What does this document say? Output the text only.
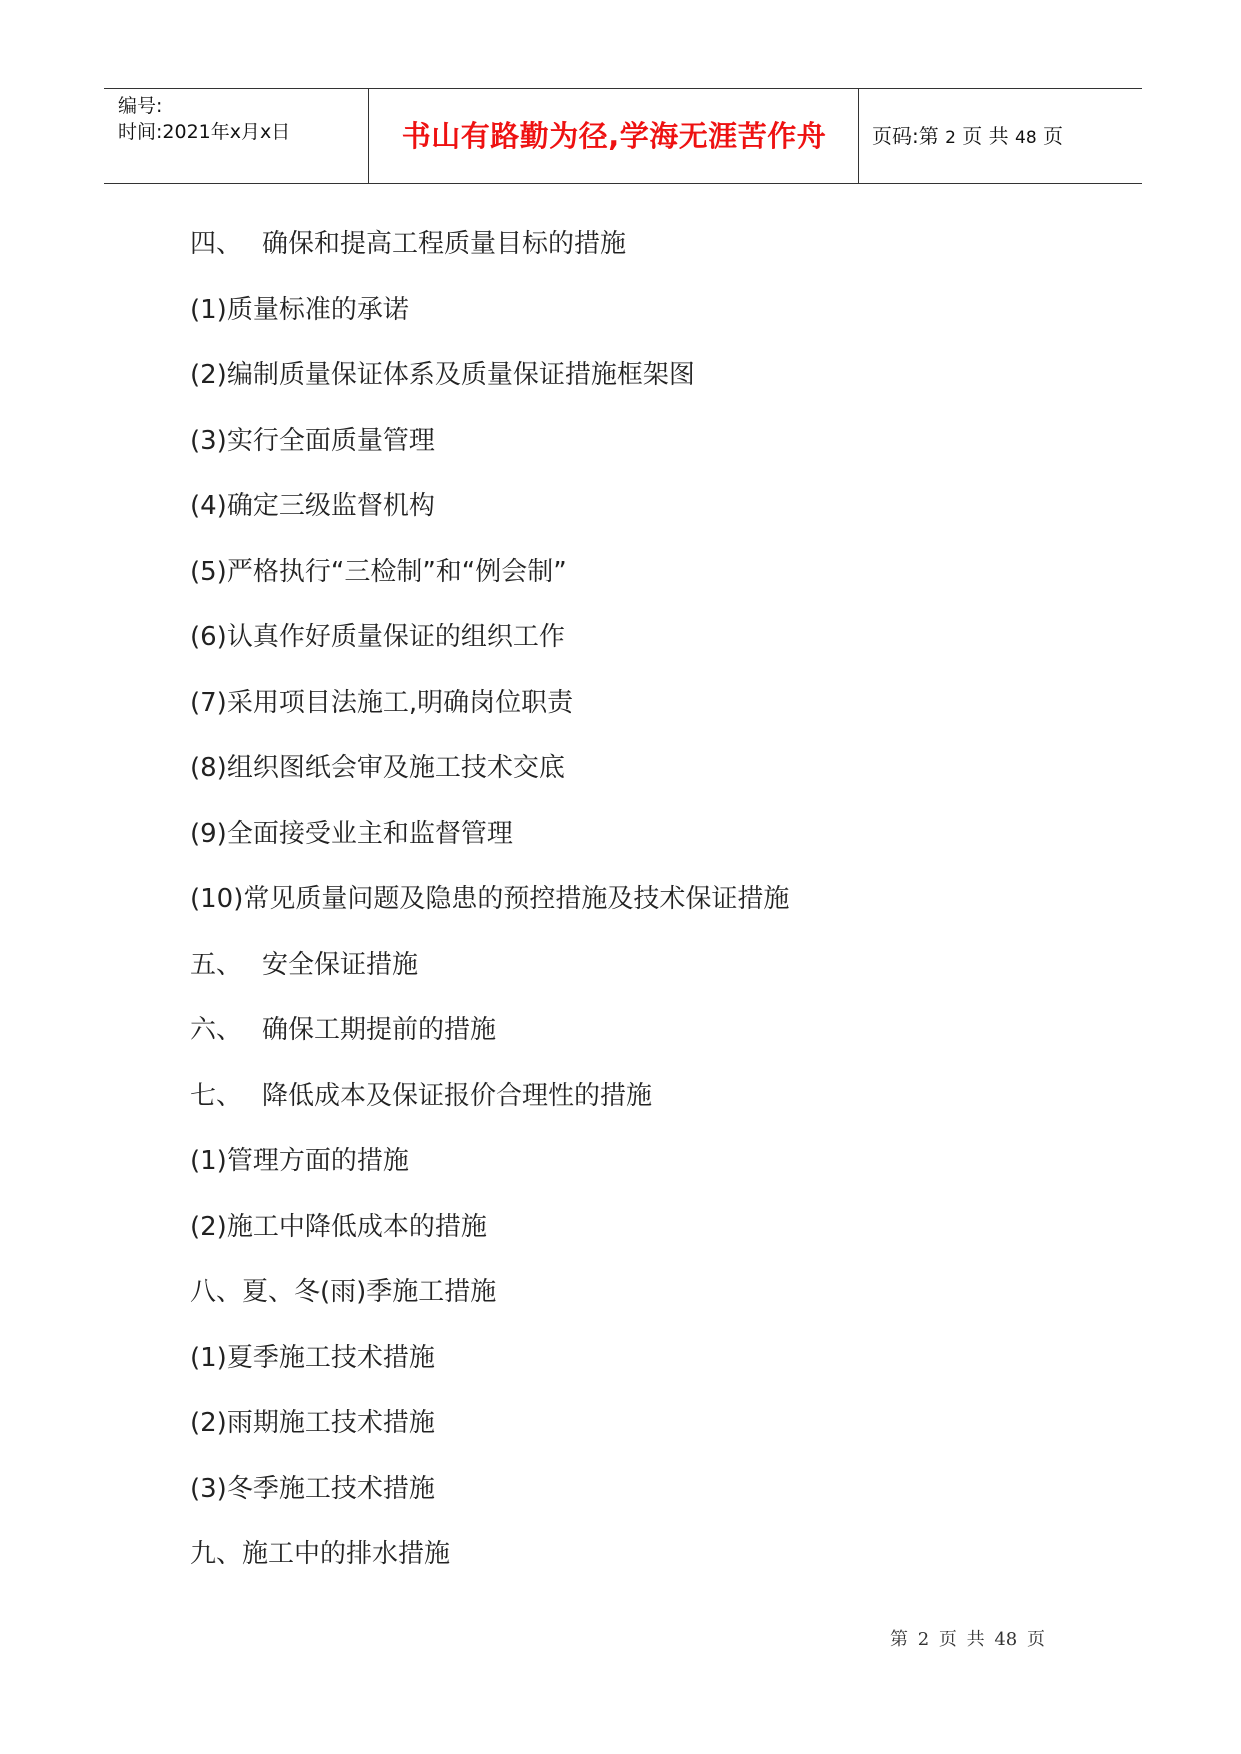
编号:
时间:2021年x月x日	书山有路勤为径,学海无涯苦作舟	页码:第 2 页 共 48 页
四、 确保和提高工程质量目标的措施
(1)质量标准的承诺
(2)编制质量保证体系及质量保证措施框架图
(3)实行全面质量管理
(4)确定三级监督机构
(5)严格执行“三检制”和“例会制”
(6)认真作好质量保证的组织工作
(7)采用项目法施工,明确岗位职责
(8)组织图纸会审及施工技术交底
(9)全面接受业主和监督管理
(10)常见质量问题及隐患的预控措施及技术保证措施
五、 安全保证措施
六、 确保工期提前的措施
七、 降低成本及保证报价合理性的措施
(1)管理方面的措施
(2)施工中降低成本的措施
八、夏、冬(雨)季施工措施
(1)夏季施工技术措施
(2)雨期施工技术措施
(3)冬季施工技术措施
九、施工中的排水措施
第 2 页 共 48 页
